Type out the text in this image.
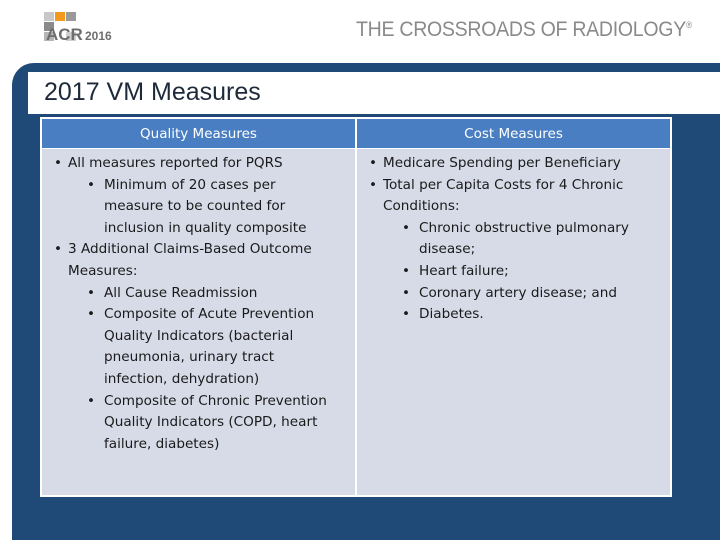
ACR 2016	THE CROSSROADS OF RADIOLOGY®
2017 VM Measures
Quality Measures	Cost Measures
• All measures reported for PQRS
• Minimum of 20 cases per measure to be counted for inclusion in quality composite
• 3 Additional Claims-Based Outcome Measures:
• All Cause Readmission
• Composite of Acute Prevention Quality Indicators (bacterial pneumonia, urinary tract infection, dehydration)
• Composite of Chronic Prevention Quality Indicators (COPD, heart failure, diabetes)
• Medicare Spending per Beneficiary
• Total per Capita Costs for 4 Chronic Conditions:
• Chronic obstructive pulmonary disease;
• Heart failure;
• Coronary artery disease; and
• Diabetes.
